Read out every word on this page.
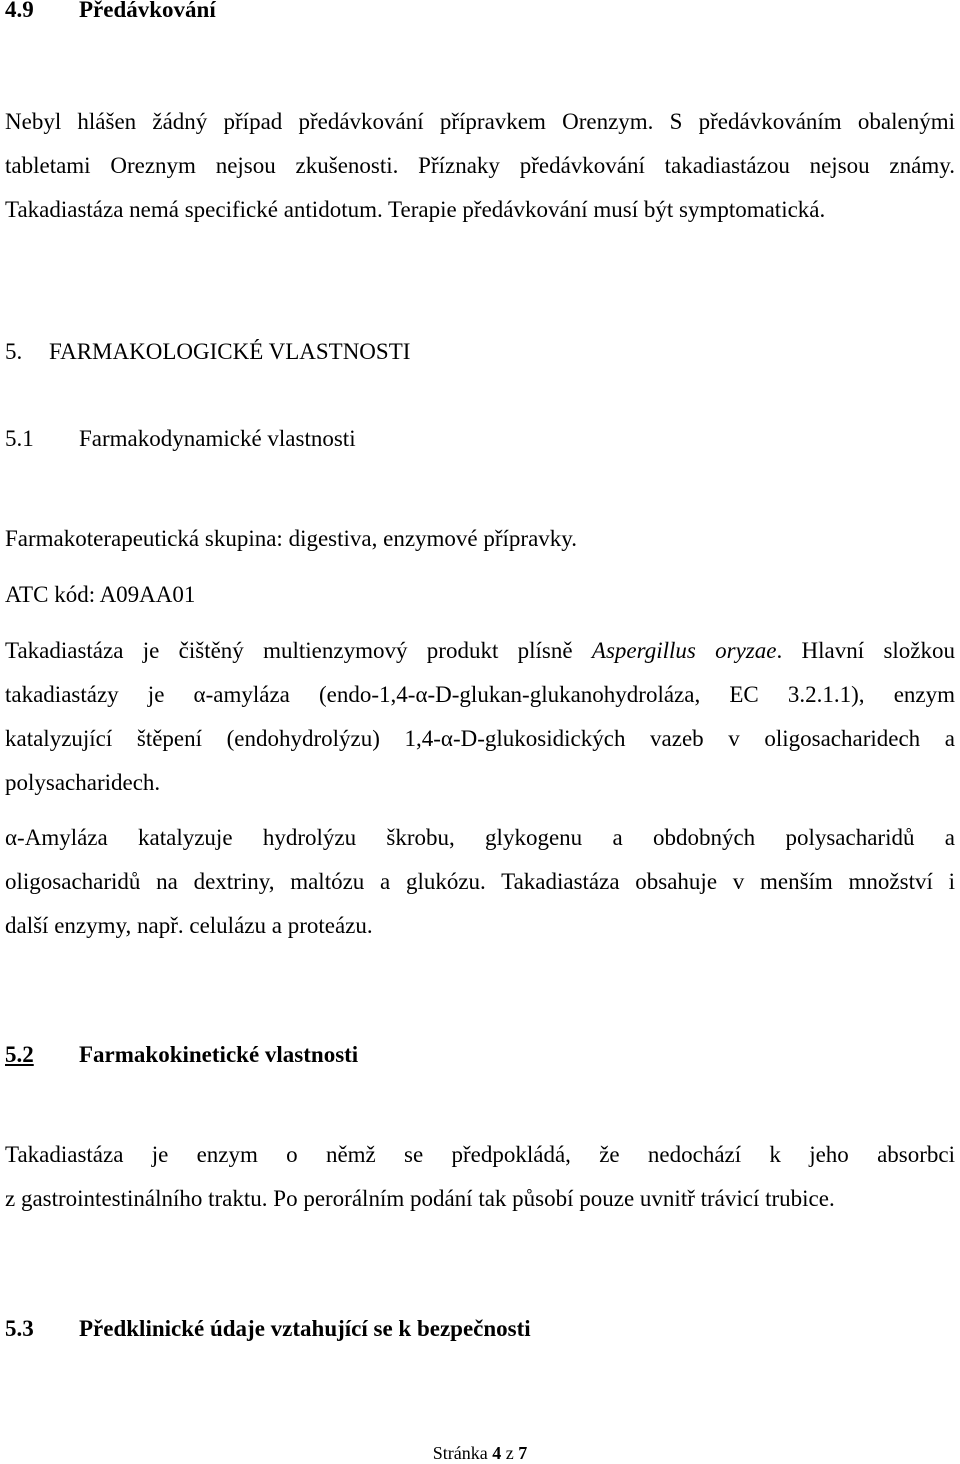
4.9 Předávkování
Nebyl hlášen žádný případ předávkování přípravkem Orenzym. S předávkováním obalenými
tabletami Oreznym nejsou zkušenosti. Příznaky předávkování takadiastázou nejsou známy.
Takadiastáza nemá specifické antidotum. Terapie předávkování musí být symptomatická.
5. FARMAKOLOGICKÉ VLASTNOSTI
5.1 Farmakodynamické vlastnosti
Farmakoterapeutická skupina: digestiva, enzymové přípravky.
ATC kód: A09AA01
Takadiastáza je čištěný multienzymový produkt plísně Aspergillus oryzae. Hlavní složkou
takadiastázy je α-amyláza (endo-1,4-α-D-glukan-glukanohydroláza, EC 3.2.1.1), enzym
katalyzující štěpení (endohydrolýzu) 1,4-α-D-glukosidických vazeb v oligosacharidech a
polysacharidech.
α-Amyláza katalyzuje hydrolýzu škrobu, glykogenu a obdobných polysacharidů a
oligosacharidů na dextriny, maltózu a glukózu. Takadiastáza obsahuje v menším množství i
další enzymy, např. celulázu a proteázu.
5.2 Farmakokinetické vlastnosti
Takadiastáza je enzym o němž se předpokládá, že nedochází k jeho absorbci
z gastrointestinálního traktu. Po perorálním podání tak působí pouze uvnitř trávicí trubice.
5.3 Předklinické údaje vztahující se k bezpečnosti
Stránka 4 z 7
